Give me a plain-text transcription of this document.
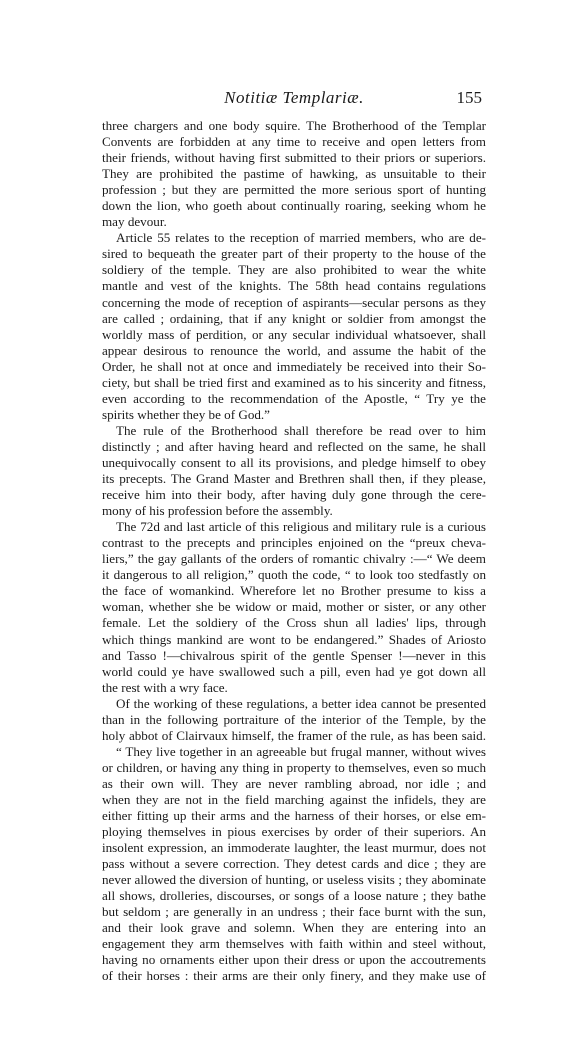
Notitiæ Templariæ.	155
three chargers and one body squire. The Brotherhood of the Templar
Convents are forbidden at any time to receive and open letters from
their friends, without having first submitted to their priors or superiors.
They are prohibited the pastime of hawking, as unsuitable to their
profession ; but they are permitted the more serious sport of hunting
down the lion, who goeth about continually roaring, seeking whom he
may devour.
Article 55 relates to the reception of married members, who are de-
sired to bequeath the greater part of their property to the house of the
soldiery of the temple. They are also prohibited to wear the white
mantle and vest of the knights. The 58th head contains regulations
concerning the mode of reception of aspirants—secular persons as they
are called ; ordaining, that if any knight or soldier from amongst the
worldly mass of perdition, or any secular individual whatsoever, shall
appear desirous to renounce the world, and assume the habit of the
Order, he shall not at once and immediately be received into their So-
ciety, but shall be tried first and examined as to his sincerity and fitness,
even according to the recommendation of the Apostle, “ Try ye the
spirits whether they be of God.”
The rule of the Brotherhood shall therefore be read over to him
distinctly ; and after having heard and reflected on the same, he shall
unequivocally consent to all its provisions, and pledge himself to obey
its precepts. The Grand Master and Brethren shall then, if they please,
receive him into their body, after having duly gone through the cere-
mony of his profession before the assembly.
The 72d and last article of this religious and military rule is a curious
contrast to the precepts and principles enjoined on the “preux cheva-
liers,” the gay gallants of the orders of romantic chivalry :—“ We deem
it dangerous to all religion,” quoth the code, “ to look too stedfastly on
the face of womankind. Wherefore let no Brother presume to kiss a
woman, whether she be widow or maid, mother or sister, or any other
female. Let the soldiery of the Cross shun all ladies' lips, through
which things mankind are wont to be endangered.” Shades of Ariosto
and Tasso !—chivalrous spirit of the gentle Spenser !—never in this
world could ye have swallowed such a pill, even had ye got down all
the rest with a wry face.
Of the working of these regulations, a better idea cannot be presented
than in the following portraiture of the interior of the Temple, by the
holy abbot of Clairvaux himself, the framer of the rule, as has been said.
“ They live together in an agreeable but frugal manner, without wives
or children, or having any thing in property to themselves, even so much
as their own will. They are never rambling abroad, nor idle ; and
when they are not in the field marching against the infidels, they are
either fitting up their arms and the harness of their horses, or else em-
ploying themselves in pious exercises by order of their superiors. An
insolent expression, an immoderate laughter, the least murmur, does not
pass without a severe correction. They detest cards and dice ; they are
never allowed the diversion of hunting, or useless visits ; they abominate
all shows, drolleries, discourses, or songs of a loose nature ; they bathe
but seldom ; are generally in an undress ; their face burnt with the sun,
and their look grave and solemn. When they are entering into an
engagement they arm themselves with faith within and steel without,
having no ornaments either upon their dress or upon the accoutrements
of their horses : their arms are their only finery, and they make use of
